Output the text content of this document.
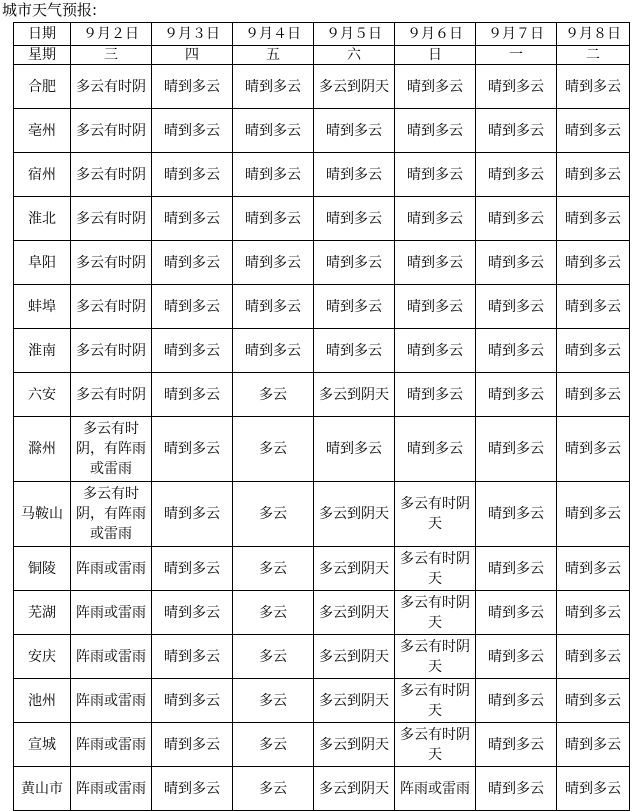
城市天气预报:
日期	９月２日	９月３日	９月４日	９月５日	９月６日	９月７日	９月８日
星期	三	四	五	六	日	一	二
合肥	多云有时阴	晴到多云	晴到多云	多云到阴天	晴到多云	晴到多云	晴到多云
亳州	多云有时阴	晴到多云	晴到多云	晴到多云	晴到多云	晴到多云	晴到多云
宿州	多云有时阴	晴到多云	晴到多云	晴到多云	晴到多云	晴到多云	晴到多云
淮北	多云有时阴	晴到多云	晴到多云	晴到多云	晴到多云	晴到多云	晴到多云
阜阳	多云有时阴	晴到多云	晴到多云	晴到多云	晴到多云	晴到多云	晴到多云
蚌埠	多云有时阴	晴到多云	晴到多云	晴到多云	晴到多云	晴到多云	晴到多云
淮南	多云有时阴	晴到多云	晴到多云	晴到多云	晴到多云	晴到多云	晴到多云
六安	多云有时阴	晴到多云	多云	多云到阴天	晴到多云	晴到多云	晴到多云
滁州	多云有时阴，有阵雨或雷雨	晴到多云	多云	晴到多云	晴到多云	晴到多云	晴到多云
马鞍山	多云有时阴，有阵雨或雷雨	晴到多云	多云	多云到阴天	多云有时阴天	晴到多云	晴到多云
铜陵	阵雨或雷雨	晴到多云	多云	多云到阴天	多云有时阴天	晴到多云	晴到多云
芜湖	阵雨或雷雨	晴到多云	多云	多云到阴天	多云有时阴天	晴到多云	晴到多云
安庆	阵雨或雷雨	晴到多云	多云	多云到阴天	多云有时阴天	晴到多云	晴到多云
池州	阵雨或雷雨	晴到多云	多云	多云到阴天	多云有时阴天	晴到多云	晴到多云
宣城	阵雨或雷雨	晴到多云	多云	多云到阴天	多云有时阴天	晴到多云	晴到多云
黄山市	阵雨或雷雨	晴到多云	多云	多云到阴天	阵雨或雷雨	晴到多云	晴到多云
